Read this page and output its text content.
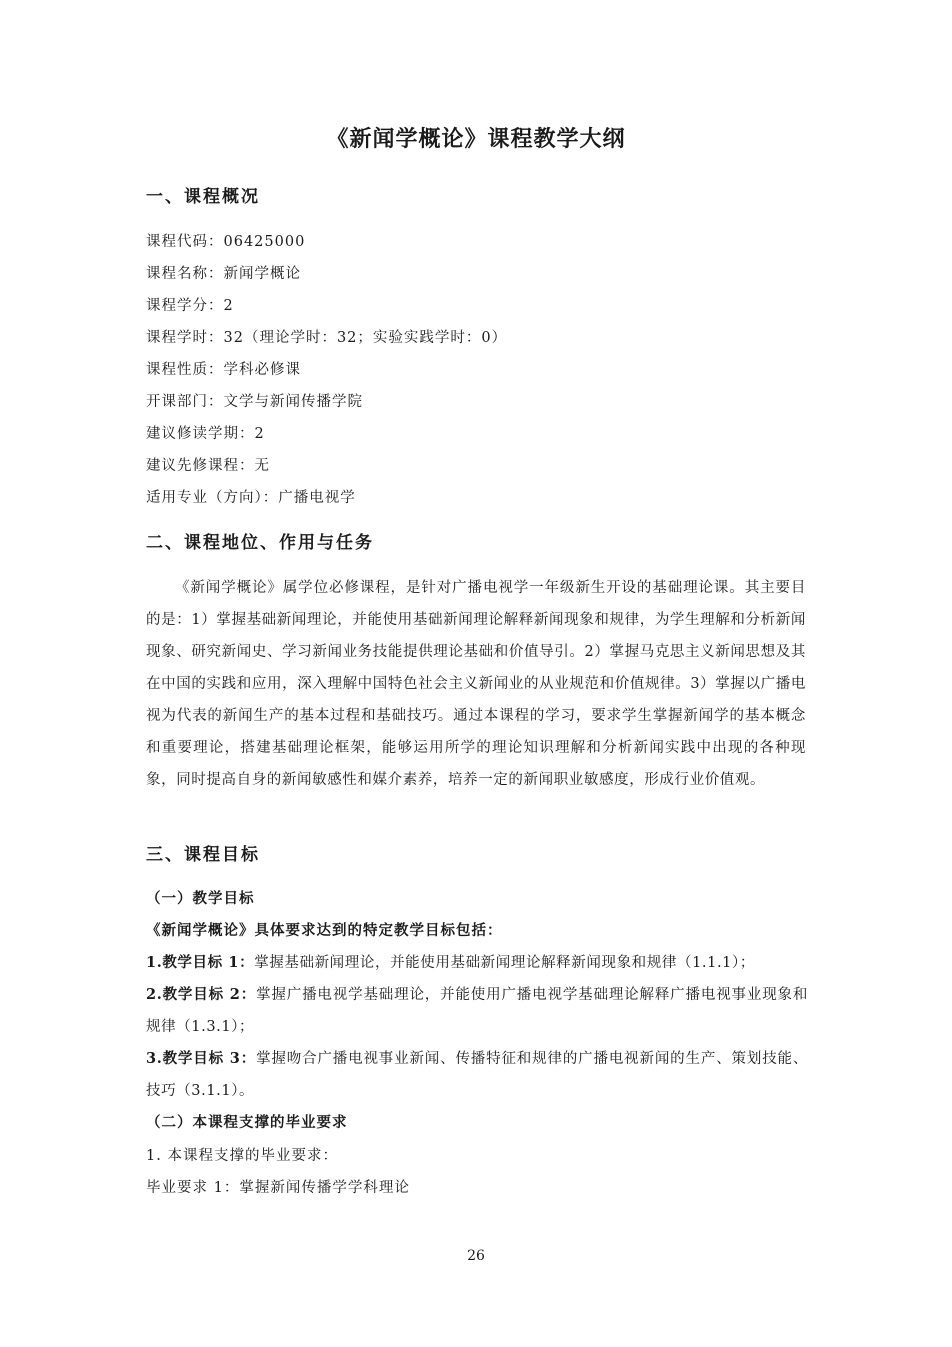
《新闻学概论》课程教学大纲
一、课程概况
课程代码：06425000
课程名称：新闻学概论
课程学分：2
课程学时：32（理论学时：32；实验实践学时：0）
课程性质：学科必修课
开课部门：文学与新闻传播学院
建议修读学期：2
建议先修课程：无
适用专业（方向）：广播电视学
二、课程地位、作用与任务
《新闻学概论》属学位必修课程，是针对广播电视学一年级新生开设的基础理论课。其主要目的是：1）掌握基础新闻理论，并能使用基础新闻理论解释新闻现象和规律，为学生理解和分析新闻现象、研究新闻史、学习新闻业务技能提供理论基础和价值导引。2）掌握马克思主义新闻思想及其在中国的实践和应用，深入理解中国特色社会主义新闻业的从业规范和价值规律。3）掌握以广播电视为代表的新闻生产的基本过程和基础技巧。通过本课程的学习，要求学生掌握新闻学的基本概念和重要理论，搭建基础理论框架，能够运用所学的理论知识理解和分析新闻实践中出现的各种现象，同时提高自身的新闻敏感性和媒介素养，培养一定的新闻职业敏感度，形成行业价值观。
三、课程目标
（一）教学目标
《新闻学概论》具体要求达到的特定教学目标包括：
1.教学目标 1：掌握基础新闻理论，并能使用基础新闻理论解释新闻现象和规律（1.1.1）；
2.教学目标 2：掌握广播电视学基础理论，并能使用广播电视学基础理论解释广播电视事业现象和规律（1.3.1）；
3.教学目标 3：掌握吻合广播电视事业新闻、传播特征和规律的广播电视新闻的生产、策划技能、技巧（3.1.1）。
（二）本课程支撑的毕业要求
1. 本课程支撑的毕业要求：
毕业要求 1：掌握新闻传播学学科理论
26
